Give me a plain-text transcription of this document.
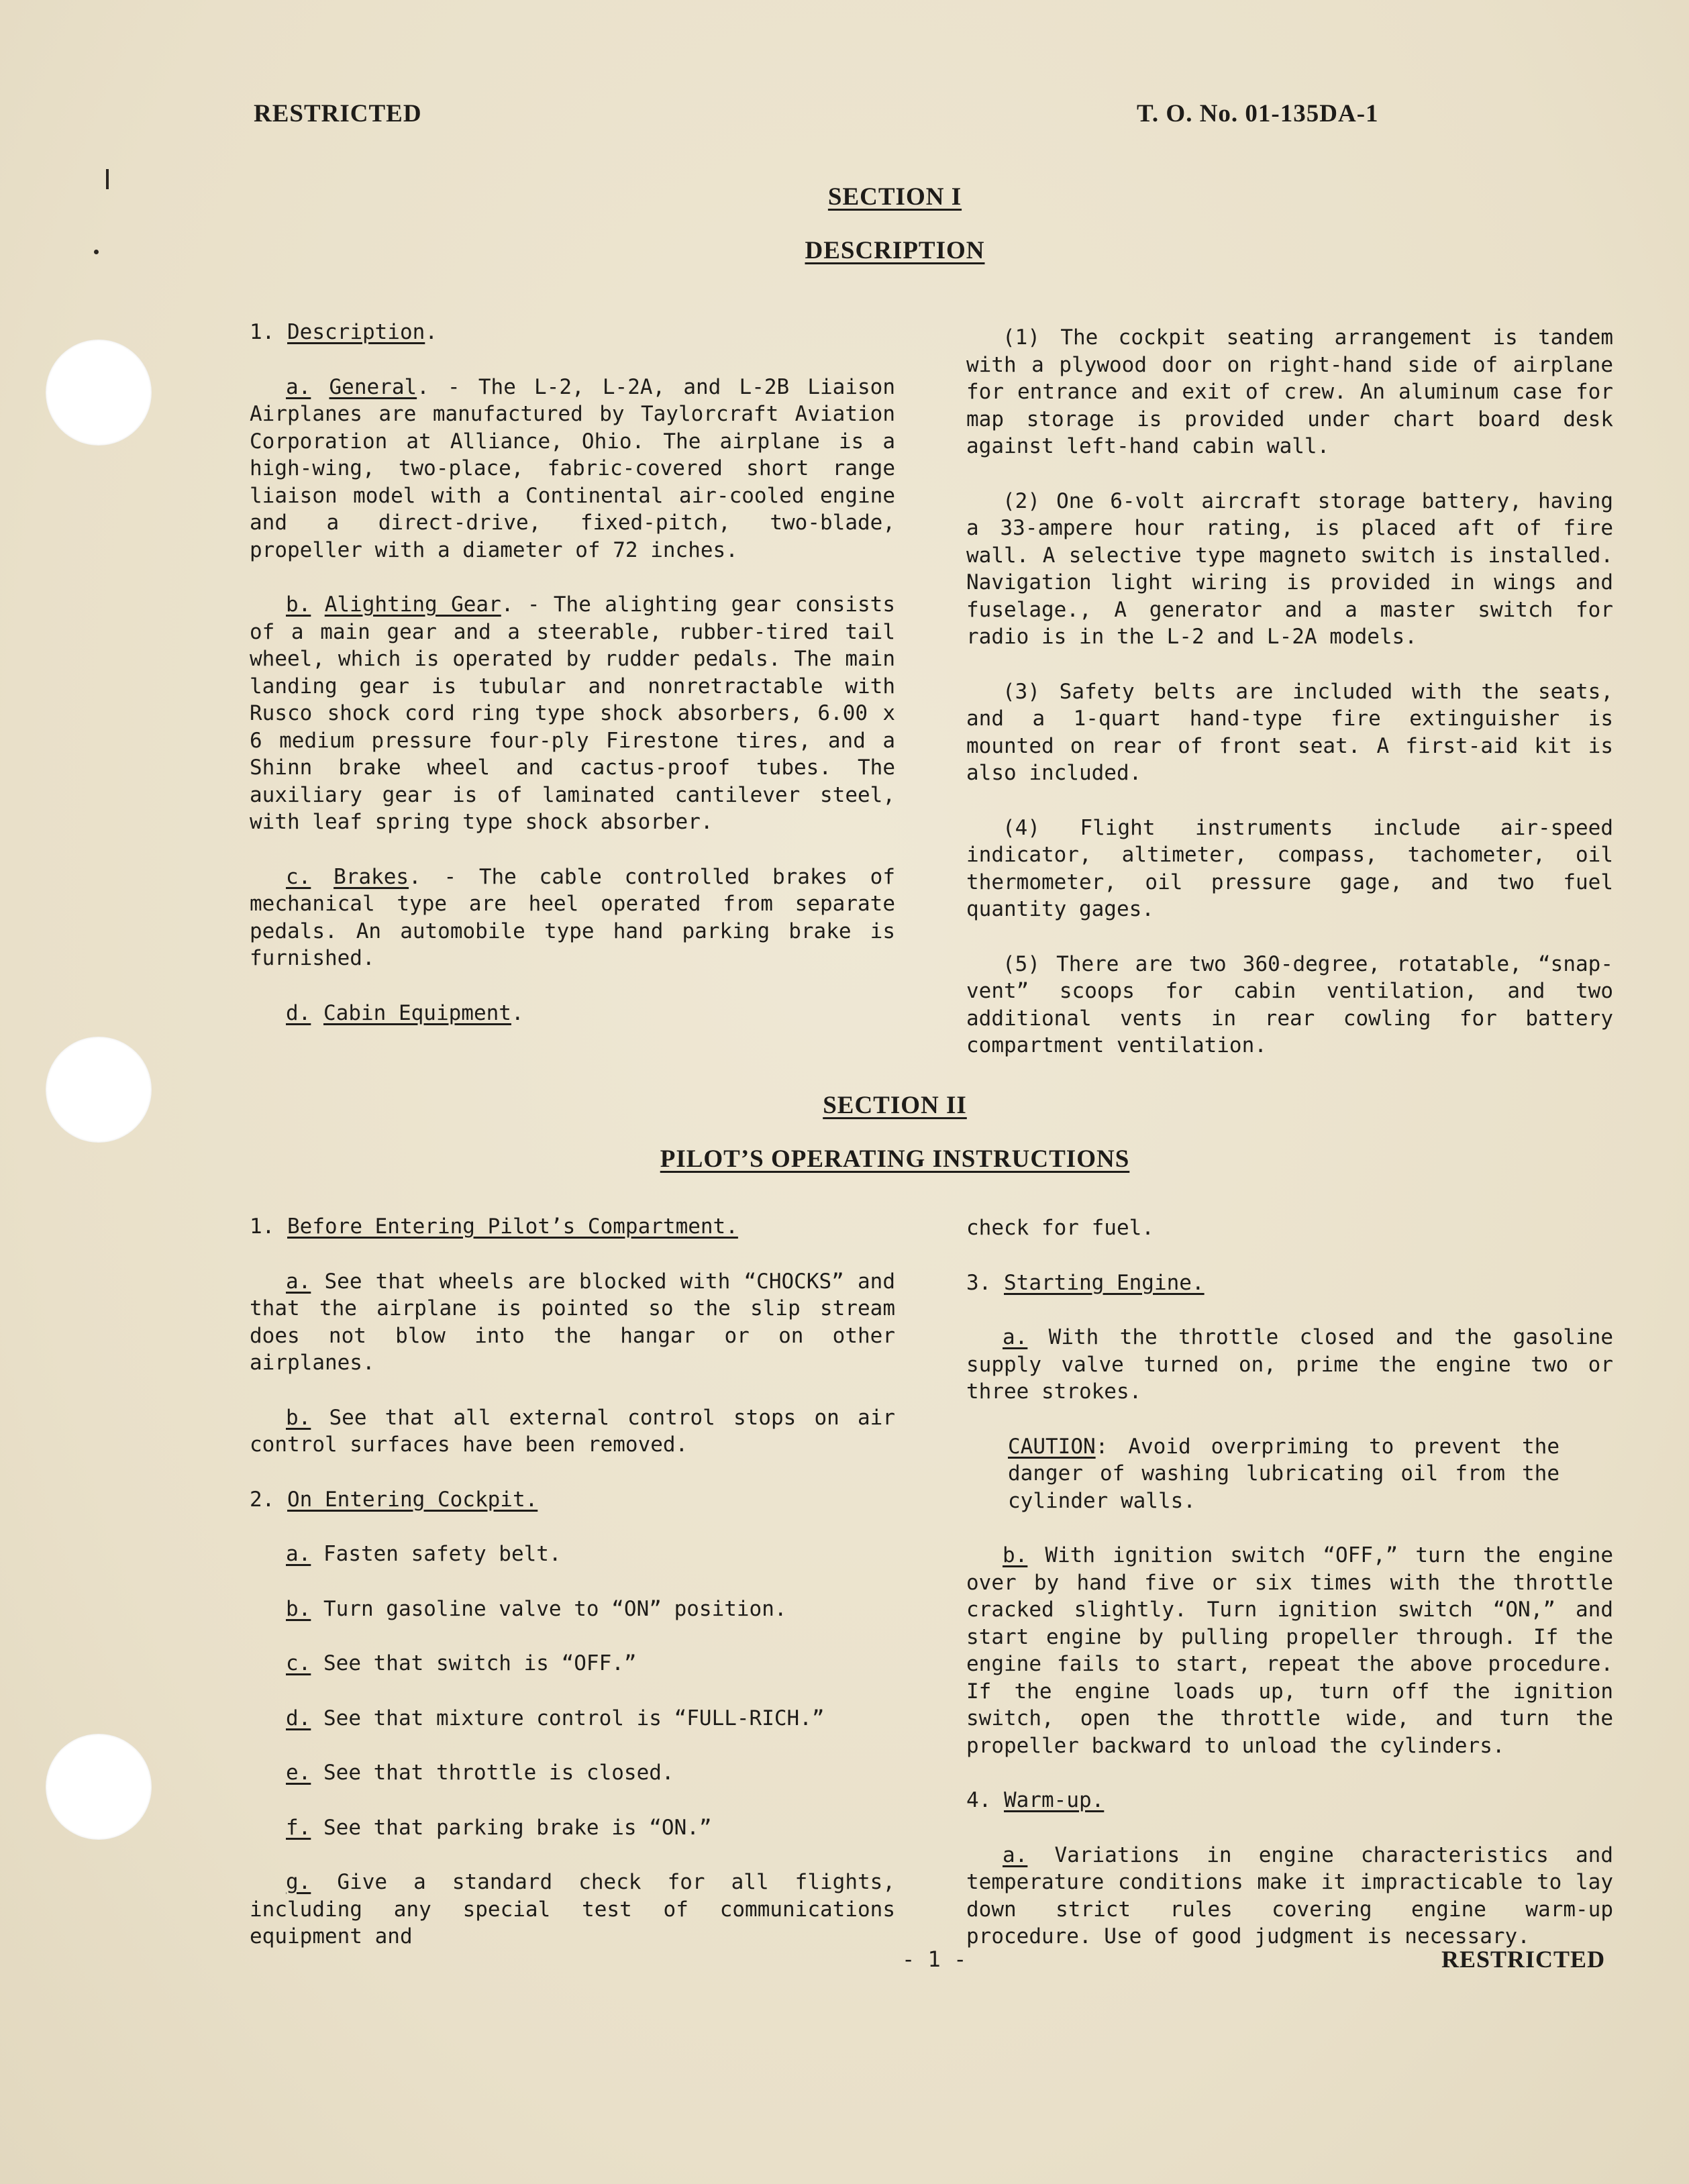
RESTRICTED	T. O. No. 01-135DA-1
SECTION I
DESCRIPTION

1. Description.

a. General. - The L-2, L-2A, and L-2B Liaison Airplanes are manufactured by Taylorcraft Aviation Corporation at Alliance, Ohio. The airplane is a high-wing, two-place, fabric-covered short range liaison model with a Continental air-cooled engine and a direct-drive, fixed-pitch, two-blade, propeller with a diameter of 72 inches.

b. Alighting Gear. - The alighting gear consists of a main gear and a steerable, rubber-tired tail wheel, which is operated by rudder pedals. The main landing gear is tubular and nonretractable with Rusco shock cord ring type shock absorbers, 6.00 x 6 medium pressure four-ply Firestone tires, and a Shinn brake wheel and cactus-proof tubes. The auxiliary gear is of laminated cantilever steel, with leaf spring type shock absorber.

c. Brakes. - The cable controlled brakes of mechanical type are heel operated from separate pedals. An automobile type hand parking brake is furnished.

d. Cabin Equipment.

(1) The cockpit seating arrangement is tandem with a plywood door on right-hand side of airplane for entrance and exit of crew. An aluminum case for map storage is provided under chart board desk against left-hand cabin wall.

(2) One 6-volt aircraft storage battery, having a 33-ampere hour rating, is placed aft of fire wall. A selective type magneto switch is installed. Navigation light wiring is provided in wings and fuselage., A generator and a master switch for radio is in the L-2 and L-2A models.

(3) Safety belts are included with the seats, and a 1-quart hand-type fire extinguisher is mounted on rear of front seat. A first-aid kit is also included.

(4) Flight instruments include air-speed indicator, altimeter, compass, tachometer, oil thermometer, oil pressure gage, and two fuel quantity gages.

(5) There are two 360-degree, rotatable, “snap-vent” scoops for cabin ventilation, and two additional vents in rear cowling for battery compartment ventilation.

SECTION II
PILOT’S OPERATING INSTRUCTIONS

1. Before Entering Pilot’s Compartment.

a. See that wheels are blocked with “CHOCKS” and that the airplane is pointed so the slip stream does not blow into the hangar or on other airplanes.

b. See that all external control stops on air control surfaces have been removed.

2. On Entering Cockpit.

a. Fasten safety belt.

b. Turn gasoline valve to “ON” position.

c. See that switch is “OFF.”

d. See that mixture control is “FULL-RICH.”

e. See that throttle is closed.

f. See that parking brake is “ON.”

g. Give a standard check for all flights, including any special test of communications equipment and

check for fuel.

3. Starting Engine.

a. With the throttle closed and the gasoline supply valve turned on, prime the engine two or three strokes.

CAUTION: Avoid overpriming to prevent the danger of washing lubricating oil from the cylinder walls.

b. With ignition switch “OFF,” turn the engine over by hand five or six times with the throttle cracked slightly. Turn ignition switch “ON,” and start engine by pulling propeller through. If the engine fails to start, repeat the above procedure. If the engine loads up, turn off the ignition switch, open the throttle wide, and turn the propeller backward to unload the cylinders.

4. Warm-up.

a. Variations in engine characteristics and temperature conditions make it impracticable to lay down strict rules covering engine warm-up procedure. Use of good judgment is necessary.

- 1 -	RESTRICTED
